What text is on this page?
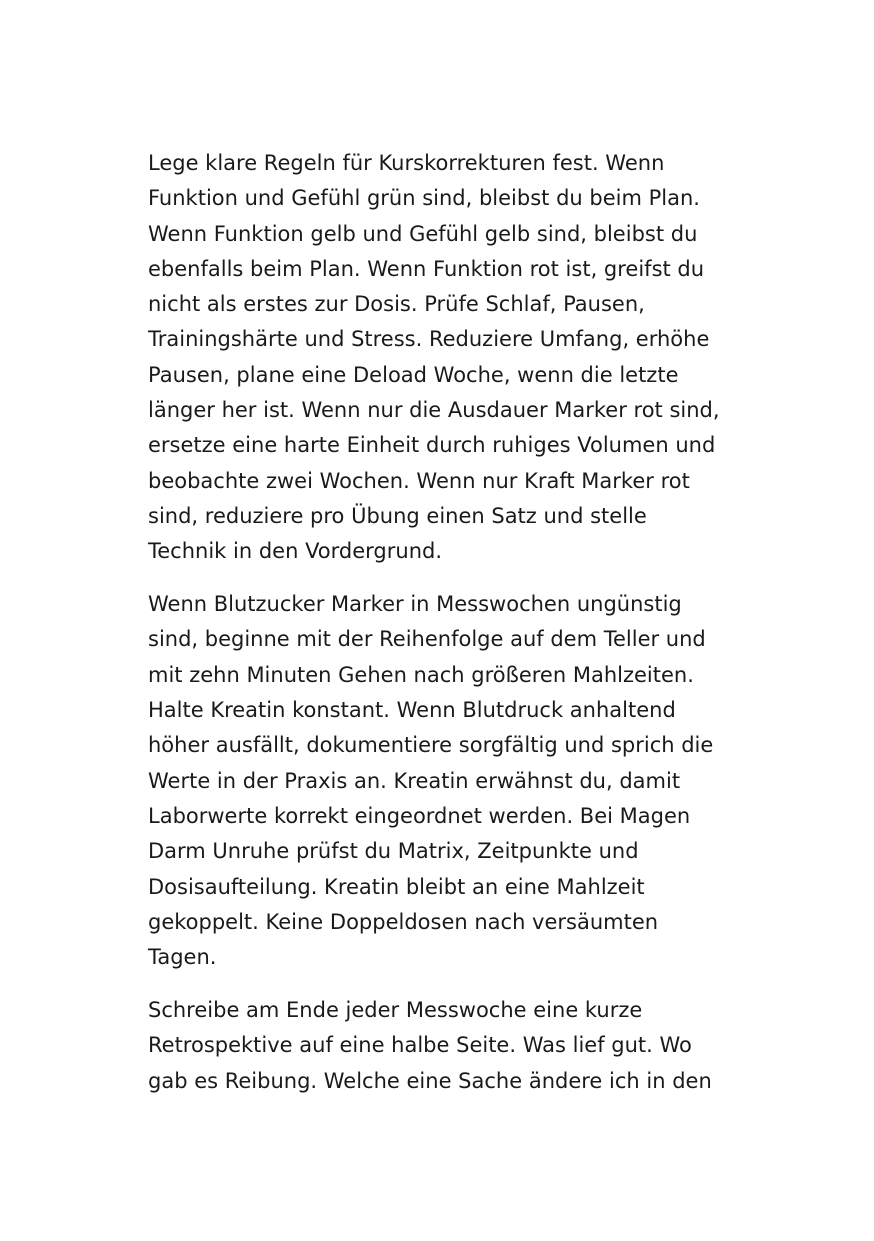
Lege klare Regeln für Kurskorrekturen fest. Wenn
Funktion und Gefühl grün sind, bleibst du beim Plan.
Wenn Funktion gelb und Gefühl gelb sind, bleibst du
ebenfalls beim Plan. Wenn Funktion rot ist, greifst du
nicht als erstes zur Dosis. Prüfe Schlaf, Pausen,
Trainingshärte und Stress. Reduziere Umfang, erhöhe
Pausen, plane eine Deload Woche, wenn die letzte
länger her ist. Wenn nur die Ausdauer Marker rot sind,
ersetze eine harte Einheit durch ruhiges Volumen und
beobachte zwei Wochen. Wenn nur Kraft Marker rot
sind, reduziere pro Übung einen Satz und stelle
Technik in den Vordergrund.
Wenn Blutzucker Marker in Messwochen ungünstig
sind, beginne mit der Reihenfolge auf dem Teller und
mit zehn Minuten Gehen nach größeren Mahlzeiten.
Halte Kreatin konstant. Wenn Blutdruck anhaltend
höher ausfällt, dokumentiere sorgfältig und sprich die
Werte in der Praxis an. Kreatin erwähnst du, damit
Laborwerte korrekt eingeordnet werden. Bei Magen
Darm Unruhe prüfst du Matrix, Zeitpunkte und
Dosisaufteilung. Kreatin bleibt an eine Mahlzeit
gekoppelt. Keine Doppeldosen nach versäumten
Tagen.
Schreibe am Ende jeder Messwoche eine kurze
Retrospektive auf eine halbe Seite. Was lief gut. Wo
gab es Reibung. Welche eine Sache ändere ich in den
